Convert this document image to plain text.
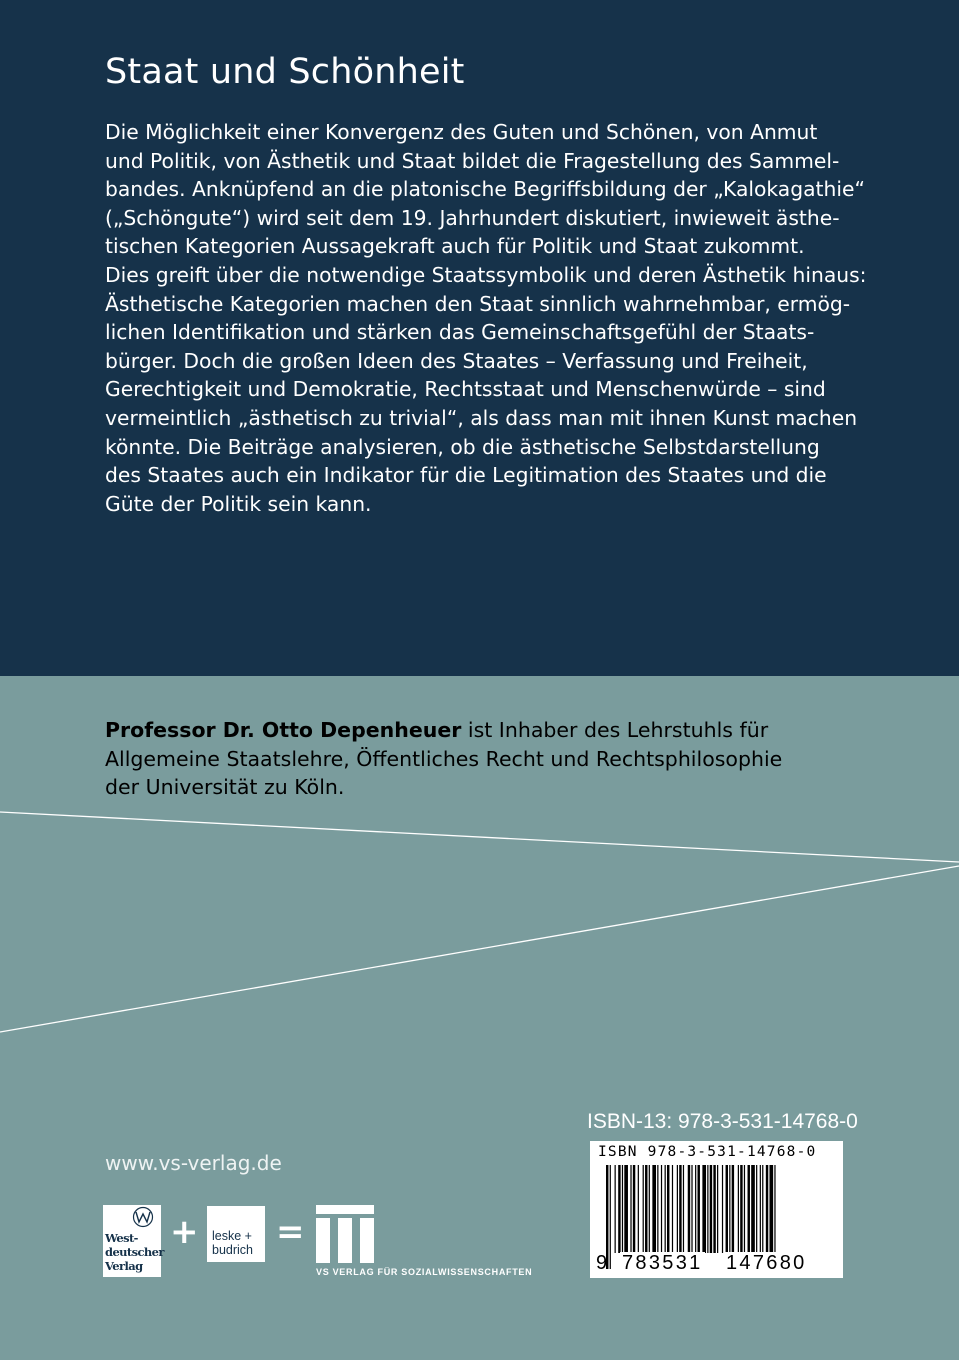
Staat und Schönheit
Die Möglichkeit einer Konvergenz des Guten und Schönen, von Anmut
und Politik, von Ästhetik und Staat bildet die Fragestellung des Sammel-
bandes. Anknüpfend an die platonische Begriffsbildung der „Kalokagathie“
(„Schöngute“) wird seit dem 19. Jahrhundert diskutiert, inwieweit ästhe-
tischen Kategorien Aussagekraft auch für Politik und Staat zukommt.
Dies greift über die notwendige Staatssymbolik und deren Ästhetik hinaus:
Ästhetische Kategorien machen den Staat sinnlich wahrnehmbar, ermög-
lichen Identifikation und stärken das Gemeinschaftsgefühl der Staats-
bürger. Doch die großen Ideen des Staates – Verfassung und Freiheit,
Gerechtigkeit und Demokratie, Rechtsstaat und Menschenwürde – sind
vermeintlich „ästhetisch zu trivial“, als dass man mit ihnen Kunst machen
könnte. Die Beiträge analysieren, ob die ästhetische Selbstdarstellung
des Staates auch ein Indikator für die Legitimation des Staates und die
Güte der Politik sein kann.
Professor Dr. Otto Depenheuer ist Inhaber des Lehrstuhls für
Allgemeine Staatslehre, Öffentliches Recht und Rechtsphilosophie
der Universität zu Köln.
ISBN-13: 978-3-531-14768-0
ISBN 978-3-531-14768-0
9 783531 147680
www.vs-verlag.de
West-
deutscher
Verlag
+ leske +
budrich =
VS VERLAG FÜR SOZIALWISSENSCHAFTEN
